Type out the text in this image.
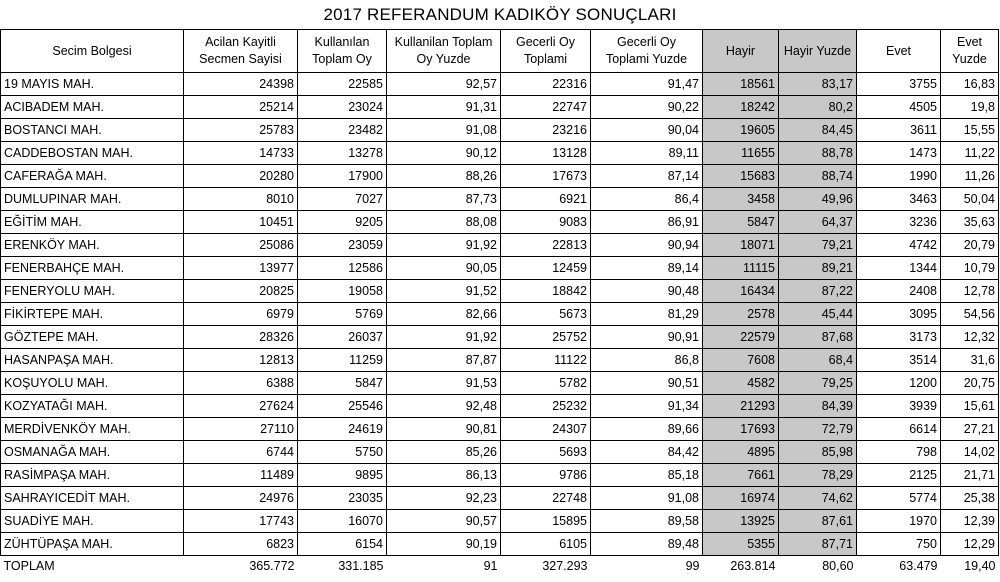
2017 REFERANDUM KADIKÖY SONUÇLARI
Secim Bolgesi	Acilan Kayitli Secmen Sayisi	Kullanılan Toplam Oy	Kullanilan Toplam Oy Yuzde	Gecerli Oy Toplami	Gecerli Oy Toplami Yuzde	Hayir	Hayir Yuzde	Evet	Evet Yuzde
19 MAYIS MAH.	24398	22585	92,57	22316	91,47	18561	83,17	3755	16,83
ACIBADEM MAH.	25214	23024	91,31	22747	90,22	18242	80,2	4505	19,8
BOSTANCI MAH.	25783	23482	91,08	23216	90,04	19605	84,45	3611	15,55
CADDEBOSTAN MAH.	14733	13278	90,12	13128	89,11	11655	88,78	1473	11,22
CAFERAĞA MAH.	20280	17900	88,26	17673	87,14	15683	88,74	1990	11,26
DUMLUPINAR MAH.	8010	7027	87,73	6921	86,4	3458	49,96	3463	50,04
EĞİTİM MAH.	10451	9205	88,08	9083	86,91	5847	64,37	3236	35,63
ERENKÖY MAH.	25086	23059	91,92	22813	90,94	18071	79,21	4742	20,79
FENERBAHÇE MAH.	13977	12586	90,05	12459	89,14	11115	89,21	1344	10,79
FENERYOLU MAH.	20825	19058	91,52	18842	90,48	16434	87,22	2408	12,78
FİKİRTEPE MAH.	6979	5769	82,66	5673	81,29	2578	45,44	3095	54,56
GÖZTEPE MAH.	28326	26037	91,92	25752	90,91	22579	87,68	3173	12,32
HASANPAŞA MAH.	12813	11259	87,87	11122	86,8	7608	68,4	3514	31,6
KOŞUYOLU MAH.	6388	5847	91,53	5782	90,51	4582	79,25	1200	20,75
KOZYATAĞI MAH.	27624	25546	92,48	25232	91,34	21293	84,39	3939	15,61
MERDİVENKÖY MAH.	27110	24619	90,81	24307	89,66	17693	72,79	6614	27,21
OSMANAĞA MAH.	6744	5750	85,26	5693	84,42	4895	85,98	798	14,02
RASİMPAŞA MAH.	11489	9895	86,13	9786	85,18	7661	78,29	2125	21,71
SAHRAYICEDİT MAH.	24976	23035	92,23	22748	91,08	16974	74,62	5774	25,38
SUADİYE MAH.	17743	16070	90,57	15895	89,58	13925	87,61	1970	12,39
ZÜHTÜPAŞA MAH.	6823	6154	90,19	6105	89,48	5355	87,71	750	12,29
TOPLAM	365.772	331.185	91	327.293	99	263.814	80,60	63.479	19,40
